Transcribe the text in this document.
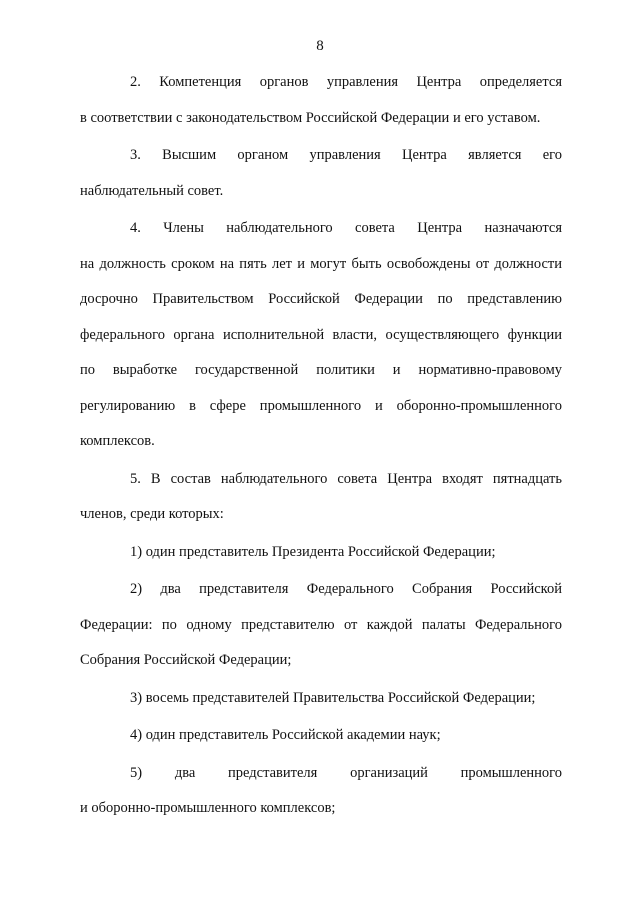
8
2. Компетенция органов управления Центра определяется
в соответствии с законодательством Российской Федерации и его уставом.
3. Высшим органом управления Центра является его
наблюдательный совет.
4. Члены наблюдательного совета Центра назначаются
на должность сроком на пять лет и могут быть освобождены от должности
досрочно Правительством Российской Федерации по представлению
федерального органа исполнительной власти, осуществляющего функции
по выработке государственной политики и нормативно-правовому
регулированию в сфере промышленного и оборонно-промышленного
комплексов.
5. В состав наблюдательного совета Центра входят пятнадцать
членов, среди которых:
1) один представитель Президента Российской Федерации;
2) два представителя Федерального Собрания Российской
Федерации: по одному представителю от каждой палаты Федерального
Собрания Российской Федерации;
3) восемь представителей Правительства Российской Федерации;
4) один представитель Российской академии наук;
5) два представителя организаций промышленного
и оборонно-промышленного комплексов;
